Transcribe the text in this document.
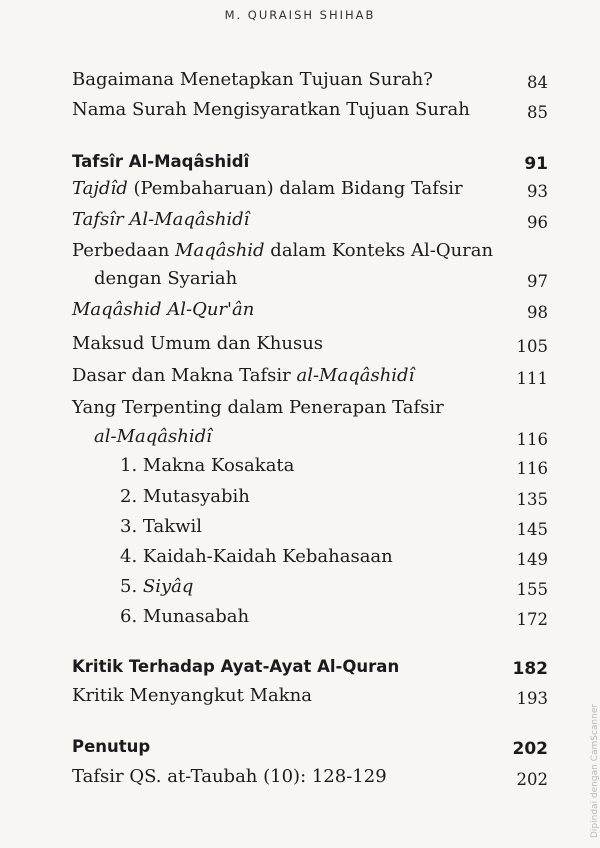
M. QURAISH SHIHAB
Bagaimana Menetapkan Tujuan Surah?	84
Nama Surah Mengisyaratkan Tujuan Surah	85
Tafsîr Al-Maqâshidî	91
Tajdîd (Pembaharuan) dalam Bidang Tafsir	93
Tafsîr Al-Maqâshidî	96
Perbedaan Maqâshid dalam Konteks Al-Quran
dengan Syariah	97
Maqâshid Al-Qur'ân	98
Maksud Umum dan Khusus	105
Dasar dan Makna Tafsir al-Maqâshidî	111
Yang Terpenting dalam Penerapan Tafsir
al-Maqâshidî	116
1. Makna Kosakata	116
2. Mutasyabih	135
3. Takwil	145
4. Kaidah-Kaidah Kebahasaan	149
5. Siyâq	155
6. Munasabah	172
Kritik Terhadap Ayat-Ayat Al-Quran	182
Kritik Menyangkut Makna	193
Penutup	202
Tafsir QS. at-Taubah (10): 128-129	202	Dipindai dengan CamScanner
